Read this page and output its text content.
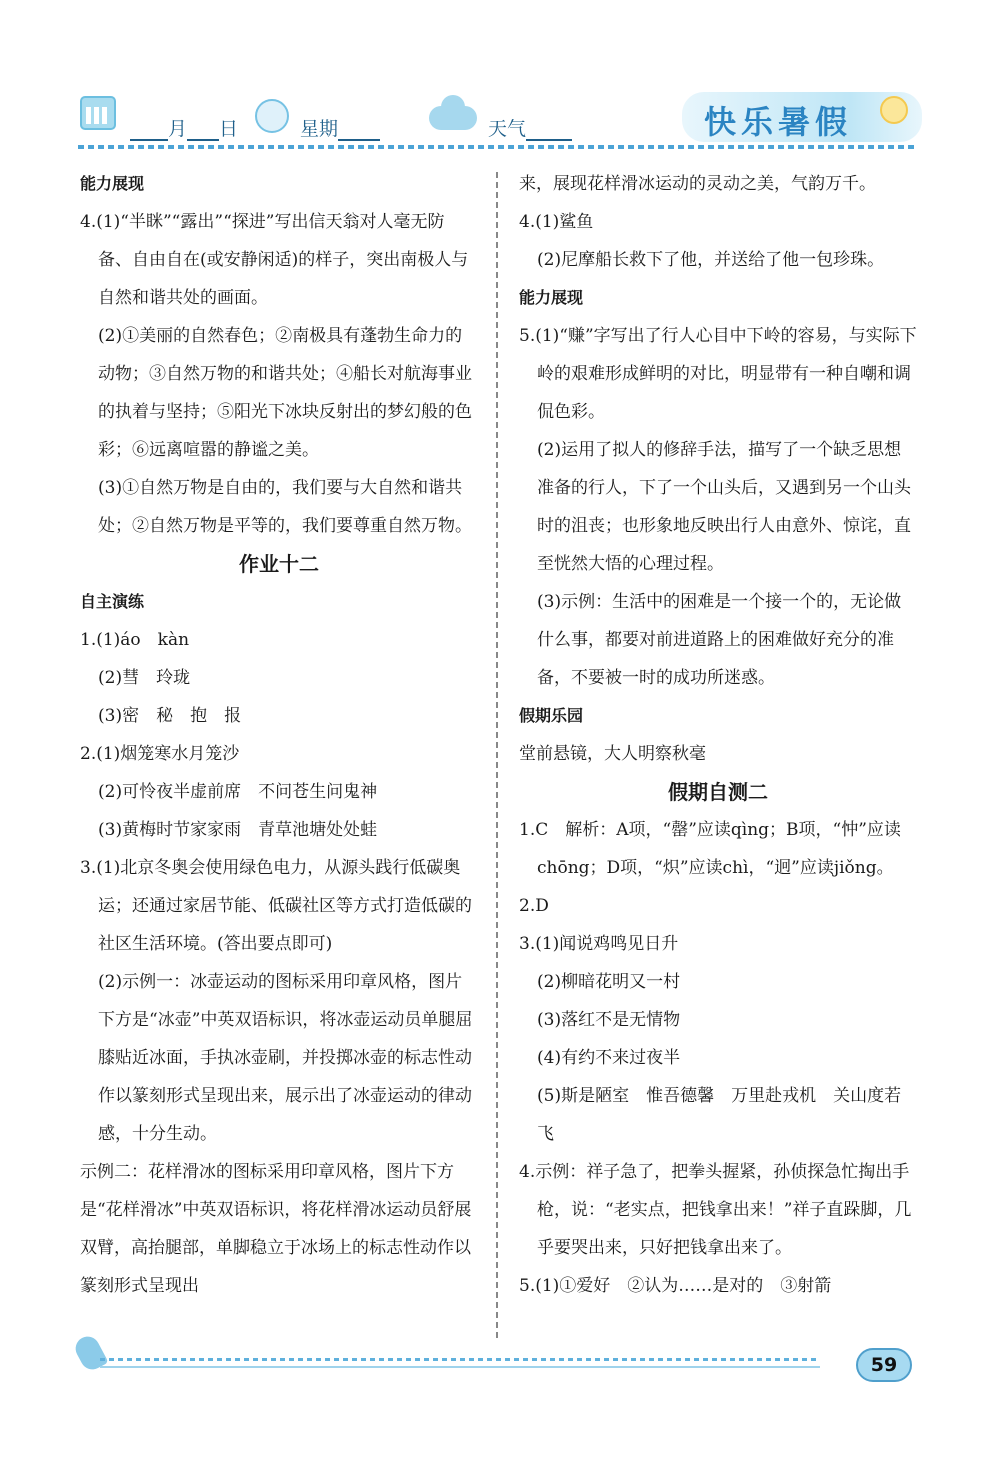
月 日	星期	天气	快乐暑假

能力展现

4.(1)“半眯”“露出”“探进”写出信天翁对人毫无防备、自由自在(或安静闲适)的样子，突出南极人与自然和谐共处的画面。

(2)①美丽的自然春色；②南极具有蓬勃生命力的动物；③自然万物的和谐共处；④船长对航海事业的执着与坚持；⑤阳光下冰块反射出的梦幻般的色彩；⑥远离喧嚣的静谧之美。

(3)①自然万物是自由的，我们要与大自然和谐共处；②自然万物是平等的，我们要尊重自然万物。

作业十二

自主演练

1.(1)áo　kàn

(2)彗　玲珑

(3)密　秘　抱　报

2.(1)烟笼寒水月笼沙

(2)可怜夜半虚前席　不问苍生问鬼神

(3)黄梅时节家家雨　青草池塘处处蛙

3.(1)北京冬奥会使用绿色电力，从源头践行低碳奥运；还通过家居节能、低碳社区等方式打造低碳的社区生活环境。(答出要点即可)

(2)示例一：冰壶运动的图标采用印章风格，图片下方是“冰壶”中英双语标识，将冰壶运动员单腿屈膝贴近冰面，手执冰壶刷，并投掷冰壶的标志性动作以篆刻形式呈现出来，展示出了冰壶运动的律动感，十分生动。

示例二：花样滑冰的图标采用印章风格，图片下方是“花样滑冰”中英双语标识，将花样滑冰运动员舒展双臂，高抬腿部，单脚稳立于冰场上的标志性动作以篆刻形式呈现出

来，展现花样滑冰运动的灵动之美，气韵万千。

4.(1)鲨鱼

(2)尼摩船长救下了他，并送给了他一包珍珠。

能力展现

5.(1)“赚”字写出了行人心目中下岭的容易，与实际下岭的艰难形成鲜明的对比，明显带有一种自嘲和调侃色彩。

(2)运用了拟人的修辞手法，描写了一个缺乏思想准备的行人，下了一个山头后，又遇到另一个山头时的沮丧；也形象地反映出行人由意外、惊诧，直至恍然大悟的心理过程。

(3)示例：生活中的困难是一个接一个的，无论做什么事，都要对前进道路上的困难做好充分的准备，不要被一时的成功所迷惑。

假期乐园

堂前悬镜，大人明察秋毫

假期自测二

1.C　解析：A项，“罄”应读qìng；B项，“忡”应读chōng；D项，“炽”应读chì，“迥”应读jiǒng。

2.D

3.(1)闻说鸡鸣见日升

(2)柳暗花明又一村

(3)落红不是无情物

(4)有约不来过夜半

(5)斯是陋室　惟吾德馨　万里赴戎机　关山度若飞

4.示例：祥子急了，把拳头握紧，孙侦探急忙掏出手枪，说：“老实点，把钱拿出来！”祥子直跺脚，几乎要哭出来，只好把钱拿出来了。

5.(1)①爱好　②认为……是对的　③射箭

59
